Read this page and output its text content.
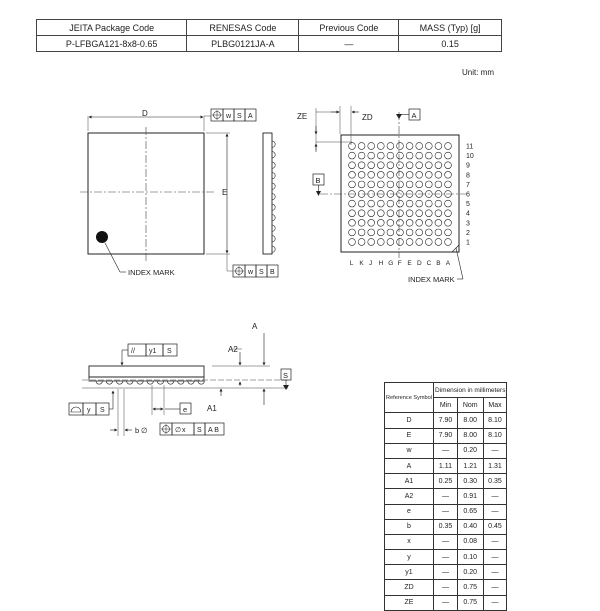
JEITA Package Code	RENESAS Code	Previous Code	MASS (Typ) [g]
P-LFBGA121-8x8-0.65	PLBG0121JA-A	—	0.15
Unit: mm
D
E
w S A
w S B
INDEX MARK
11
10
9
8
7
6
5
4
3
2
1
L K J H G F E D C B A
ZE	ZD	A
B
INDEX MARK
A
A2
A1
S
// y1 S
y S	e
b ∅	∅ x S A B
Reference Symbol	Dimension in millimeters		
	Min	Nom	Max
D	7.90	8.00	8.10
E	7.90	8.00	8.10
w	—	0.20	—
A	1.11	1.21	1.31
A1	0.25	0.30	0.35
A2	—	0.91	—
e	—	0.65	—
b	0.35	0.40	0.45
x	—	0.08	—
y	—	0.10	—
y1	—	0.20	—
ZD	—	0.75	—
ZE	—	0.75	—
